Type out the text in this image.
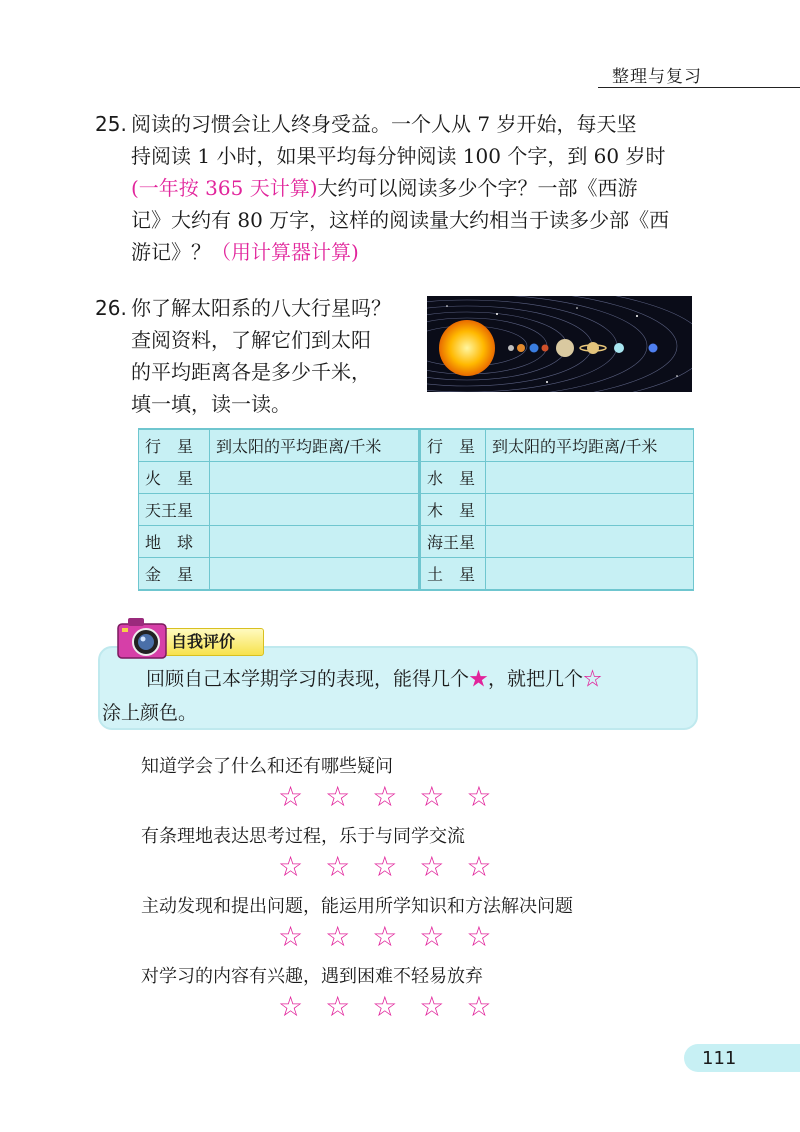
整理与复习
25. 阅读的习惯会让人终身受益。一个人从 7 岁开始，每天坚
持阅读 1 小时，如果平均每分钟阅读 100 个字，到 60 岁时
(一年按 365 天计算)大约可以阅读多少个字？一部《西游
记》大约有 80 万字，这样的阅读量大约相当于读多少部《西
游记》？（用计算器计算)
26. 你了解太阳系的八大行星吗？
查阅资料，了解它们到太阳
的平均距离各是多少千米，
填一填，读一读。
行　星	到太阳的平均距离/千米	行　星	到太阳的平均距离/千米
火　星		水　星	
天王星		木　星	
地　球		海王星	
金　星		土　星	
自我评价
回顾自己本学期学习的表现，能得几个★，就把几个☆
涂上颜色。
知道学会了什么和还有哪些疑问
☆☆☆☆☆
有条理地表达思考过程，乐于与同学交流
☆☆☆☆☆
主动发现和提出问题，能运用所学知识和方法解决问题
☆☆☆☆☆
对学习的内容有兴趣，遇到困难不轻易放弃
☆☆☆☆☆
111
